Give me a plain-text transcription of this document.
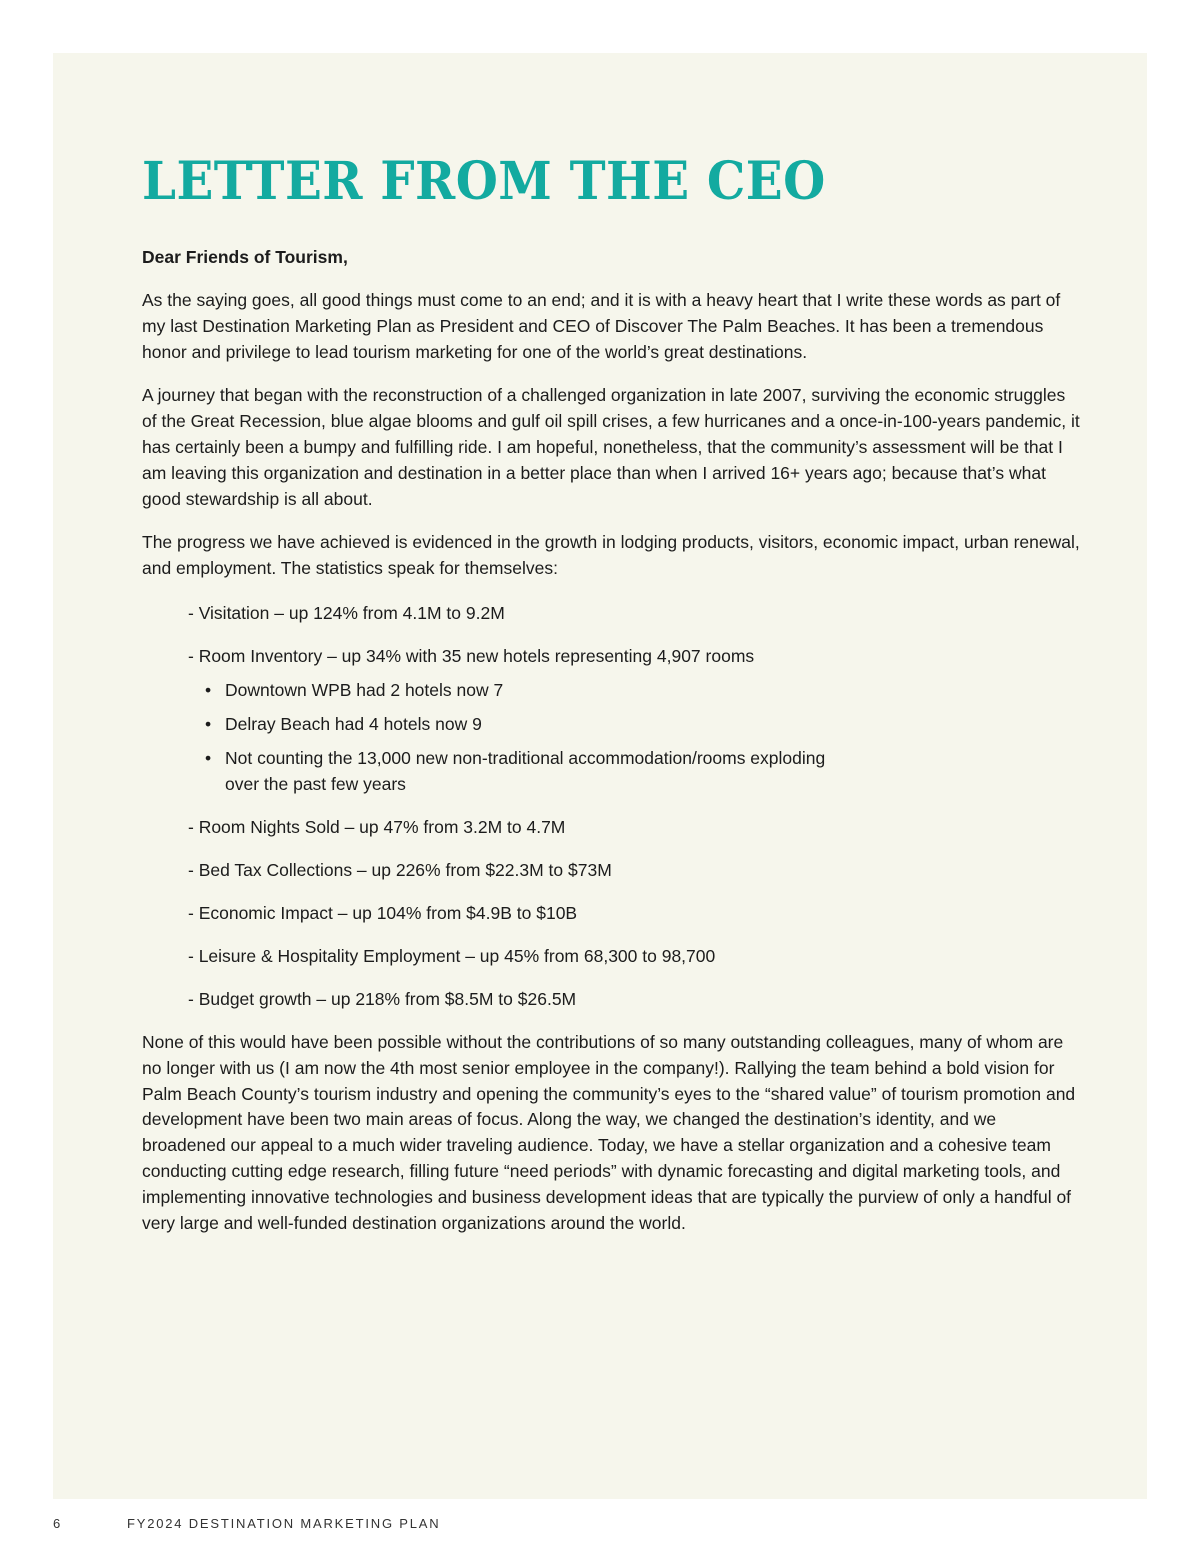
LETTER FROM THE CEO

Dear Friends of Tourism,

As the saying goes, all good things must come to an end; and it is with a heavy heart that I write these words as part of my last Destination Marketing Plan as President and CEO of Discover The Palm Beaches. It has been a tremendous honor and privilege to lead tourism marketing for one of the world’s great destinations.

A journey that began with the reconstruction of a challenged organization in late 2007, surviving the economic struggles of the Great Recession, blue algae blooms and gulf oil spill crises, a few hurricanes and a once-in-100-years pandemic, it has certainly been a bumpy and fulfilling ride. I am hopeful, nonetheless, that the community’s assessment will be that I am leaving this organization and destination in a better place than when I arrived 16+ years ago; because that’s what good stewardship is all about.

The progress we have achieved is evidenced in the growth in lodging products, visitors, economic impact, urban renewal, and employment. The statistics speak for themselves:

- Visitation – up 124% from 4.1M to 9.2M
- Room Inventory – up 34% with 35 new hotels representing 4,907 rooms
• Downtown WPB had 2 hotels now 7
• Delray Beach had 4 hotels now 9
• Not counting the 13,000 new non-traditional accommodation/rooms exploding over the past few years
- Room Nights Sold – up 47% from 3.2M to 4.7M
- Bed Tax Collections – up 226% from $22.3M to $73M
- Economic Impact – up 104% from $4.9B to $10B
- Leisure & Hospitality Employment – up 45% from 68,300 to 98,700
- Budget growth – up 218% from $8.5M to $26.5M

None of this would have been possible without the contributions of so many outstanding colleagues, many of whom are no longer with us (I am now the 4th most senior employee in the company!). Rallying the team behind a bold vision for Palm Beach County’s tourism industry and opening the community’s eyes to the “shared value” of tourism promotion and development have been two main areas of focus. Along the way, we changed the destination’s identity, and we broadened our appeal to a much wider traveling audience. Today, we have a stellar organization and a cohesive team conducting cutting edge research, filling future “need periods” with dynamic forecasting and digital marketing tools, and implementing innovative technologies and business development ideas that are typically the purview of only a handful of very large and well-funded destination organizations around the world.

6	FY2024 DESTINATION MARKETING PLAN
